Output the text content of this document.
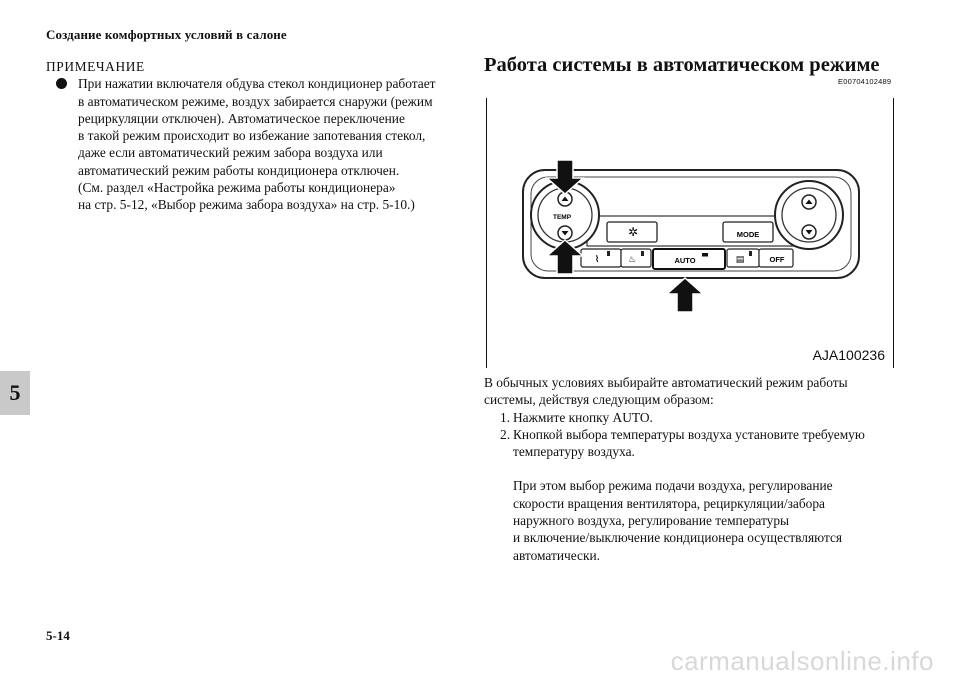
Создание комфортных условий в салоне
5
ПРИМЕЧАНИЕ
При нажатии включателя обдува стекол кондиционер работает
в автоматическом режиме, воздух забирается снаружи (режим
рециркуляции отключен). Автоматическое переключение
в такой режим происходит во избежание запотевания стекол,
даже если автоматический режим забора воздуха или
автоматический режим работы кондиционера отключен.
(См. раздел «Настройка режима работы кондиционера»
на стр. 5-12, «Выбор режима забора воздуха» на стр. 5-10.)
Работа системы в автоматическом режиме
E00704102489
✲	MODE
⌇	♨	AUTO	▤	OFF
TEMP
AJA100236
В обычных условиях выбирайте автоматический режим работы
системы, действуя следующим образом:
1. Нажмите кнопку AUTO.
2. Кнопкой выбора температуры воздуха установите требуемую
температуру воздуха.
При этом выбор режима подачи воздуха, регулирование
скорости вращения вентилятора, рециркуляции/забора
наружного воздуха, регулирование температуры
и включение/выключение кондиционера осуществляются
автоматически.
5-14
carmanualsonline.info
